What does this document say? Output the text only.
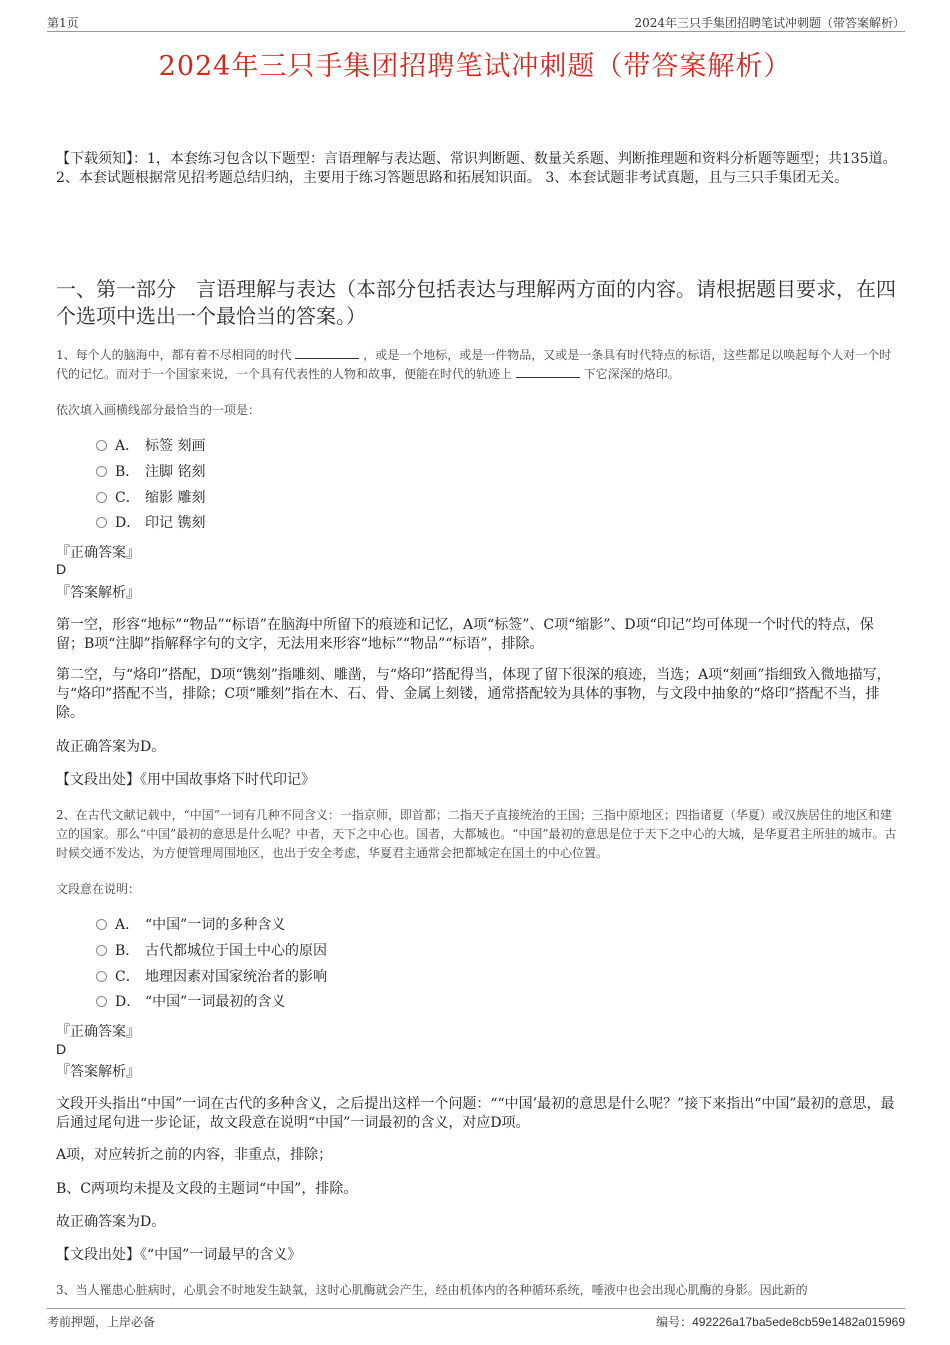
第1页	2024年三只手集团招聘笔试冲刺题（带答案解析）
2024年三只手集团招聘笔试冲刺题（带答案解析）
【下载须知】：1，本套练习包含以下题型：言语理解与表达题、常识判断题、数量关系题、判断推理题和资料分析题等题型；共135道。 2、本套试题根据常见招考题总结归纳，主要用于练习答题思路和拓展知识面。 3、本套试题非考试真题，且与三只手集团无关。
一、第一部分　言语理解与表达（本部分包括表达与理解两方面的内容。请根据题目要求，在四个选项中选出一个最恰当的答案。）
1、每个人的脑海中，都有着不尽相同的时代	，或是一个地标，或是一件物品，又或是一条具有时代特点的标语，这些都足以唤起每个人对一个时代的记忆。而对于一个国家来说，一个具有代表性的人物和故事，便能在时代的轨迹上	下它深深的烙印。
依次填入画横线部分最恰当的一项是：
A． 标签 刻画
B． 注脚 铭刻
C． 缩影 雕刻
D． 印记 镌刻
『正确答案』
D
『答案解析』
第一空，形容“地标”“物品”“标语”在脑海中所留下的痕迹和记忆，A项“标签”、C项“缩影”、D项“印记”均可体现一个时代的特点，保留；B项“注脚”指解释字句的文字，无法用来形容“地标”“物品”“标语”，排除。
第二空，与“烙印”搭配，D项“镌刻”指雕刻、雕凿，与“烙印”搭配得当，体现了留下很深的痕迹，当选；A项“刻画”指细致入微地描写，与“烙印”搭配不当，排除；C项“雕刻”指在木、石、骨、金属上刻镂，通常搭配较为具体的事物，与文段中抽象的“烙印”搭配不当，排除。
故正确答案为D。
【文段出处】《用中国故事烙下时代印记》
2、在古代文献记载中，“中国”一词有几种不同含义：一指京师，即首都；二指天子直接统治的王国；三指中原地区；四指诸夏（华夏）或汉族居住的地区和建立的国家。那么“中国”最初的意思是什么呢？中者，天下之中心也。国者，大都城也。“中国”最初的意思是位于天下之中心的大城，是华夏君主所驻的城市。古时候交通不发达，为方便管理周围地区，也出于安全考虑，华夏君主通常会把都城定在国土的中心位置。
文段意在说明：
A． “中国”一词的多种含义
B． 古代都城位于国土中心的原因
C． 地理因素对国家统治者的影响
D． “中国”一词最初的含义
『正确答案』
D
『答案解析』
文段开头指出“中国”一词在古代的多种含义，之后提出这样一个问题：““中国’最初的意思是什么呢？”接下来指出“中国”最初的意思，最后通过尾句进一步论证，故文段意在说明“中国”一词最初的含义，对应D项。
A项，对应转折之前的内容，非重点，排除；
B、C两项均未提及文段的主题词“中国”，排除。
故正确答案为D。
【文段出处】《“中国”一词最早的含义》
3、当人罹患心脏病时，心肌会不时地发生缺氧，这时心肌酶就会产生，经由机体内的各种循环系统，唾液中也会出现心肌酶的身影。因此新的
考前押题，上岸必备	编号：492226a17ba5ede8cb59e1482a015969
